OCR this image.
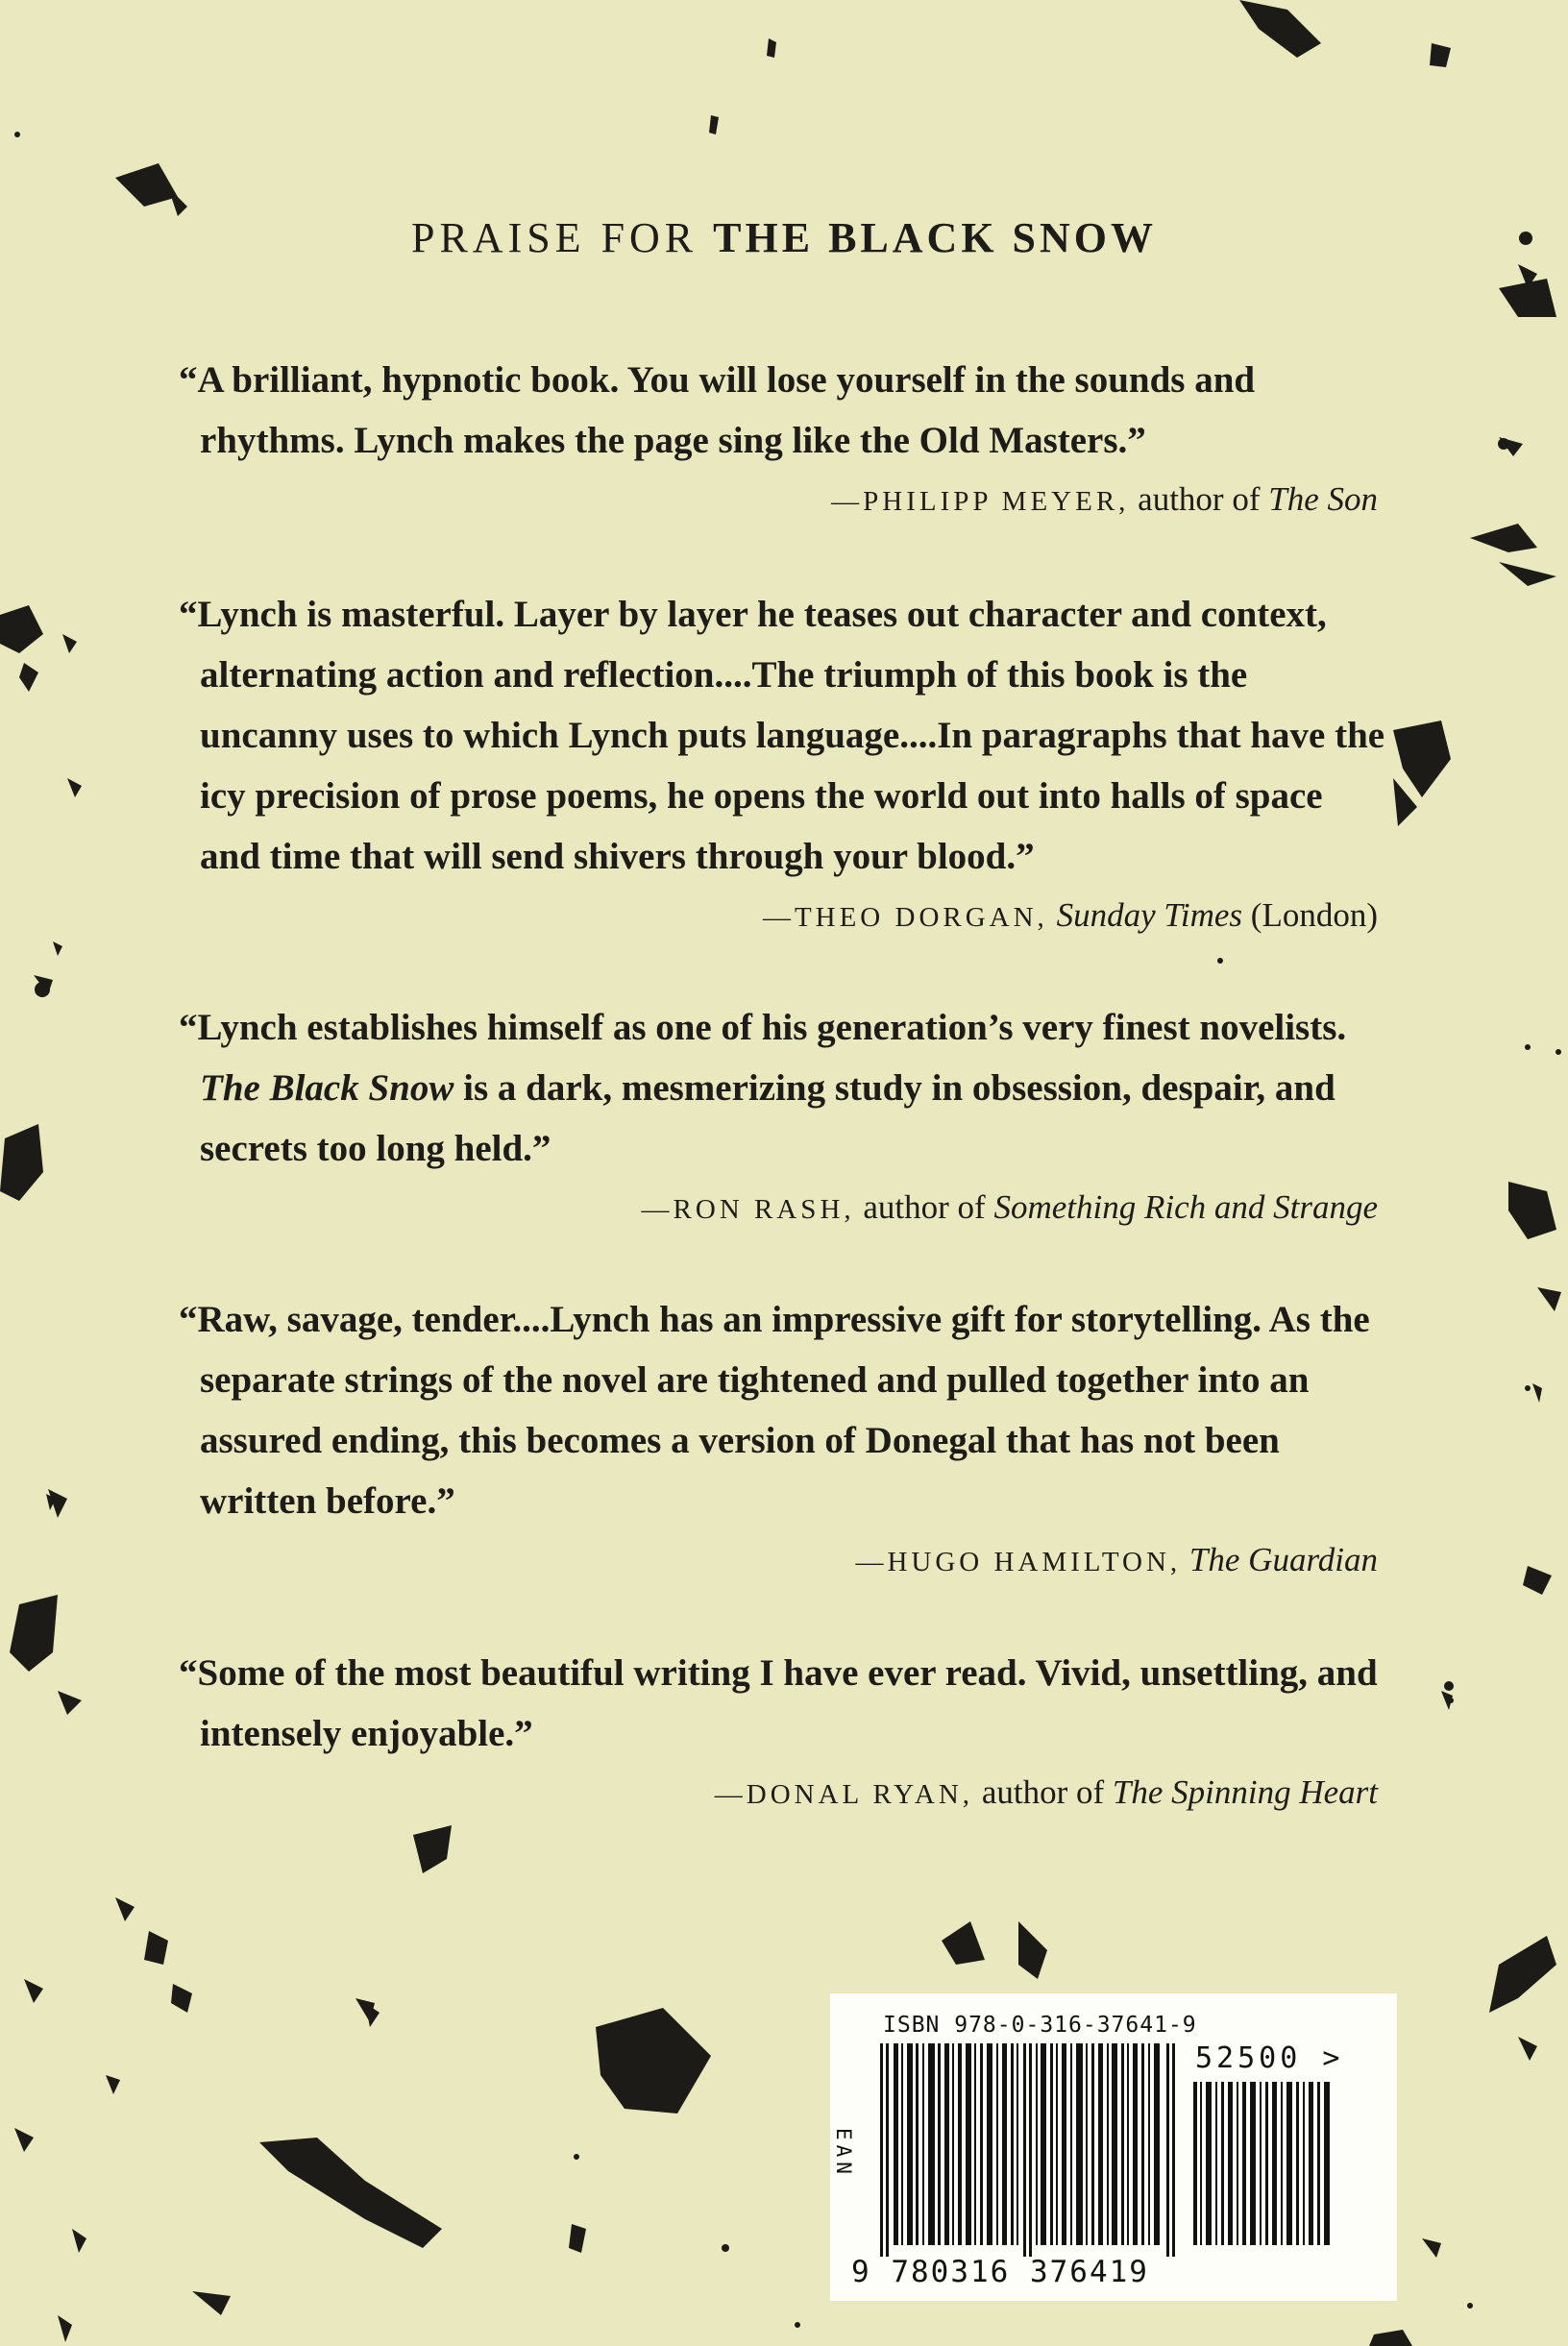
PRAISE FOR THE BLACK SNOW

“A brilliant, hypnotic book. You will lose yourself in the sounds and rhythms. Lynch makes the page sing like the Old Masters.”

—PHILIPP MEYER, author of The Son

“Lynch is masterful. Layer by layer he teases out character and context, alternating action and reflection....The triumph of this book is the uncanny uses to which Lynch puts language....In paragraphs that have the icy precision of prose poems, he opens the world out into halls of space and time that will send shivers through your blood.”

—THEO DORGAN, Sunday Times (London)

“Lynch establishes himself as one of his generation’s very finest novelists. The Black Snow is a dark, mesmerizing study in obsession, despair, and secrets too long held.”

—RON RASH, author of Something Rich and Strange

“Raw, savage, tender....Lynch has an impressive gift for storytelling. As the separate strings of the novel are tightened and pulled together into an assured ending, this becomes a version of Donegal that has not been written before.”

—HUGO HAMILTON, The Guardian

“Some of the most beautiful writing I have ever read. Vivid, unsettling, and intensely enjoyable.”

—DONAL RYAN, author of The Spinning Heart

ISBN 978-0-316-37641-9
52500 >
EAN
9 780316 376419
